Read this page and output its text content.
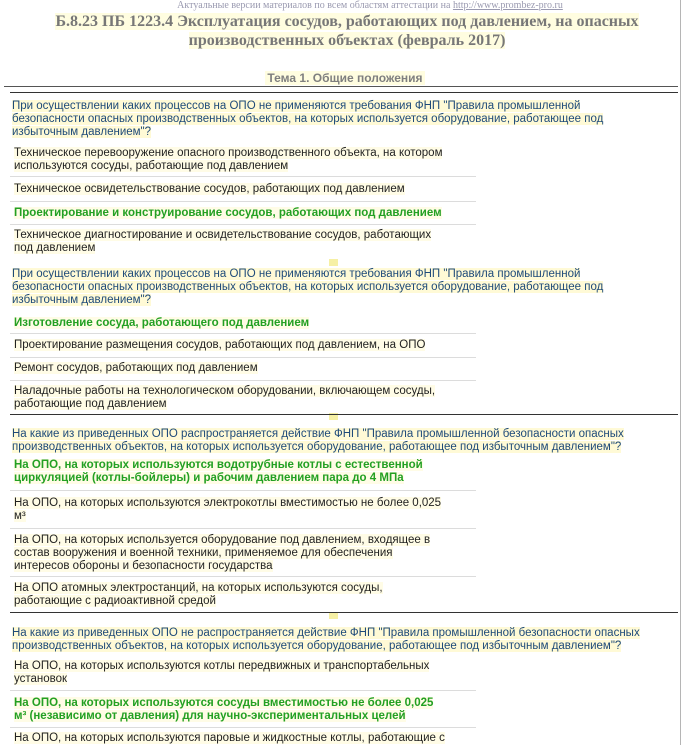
Актуальные версии материалов по всем областям аттестации на http://www.prombez-pro.ru
Б.8.23 ПБ 1223.4 Эксплуатация сосудов, работающих под давлением, на опасных
производственных объектах (февраль 2017)
Тема 1. Общие положения
При осуществлении каких процессов на ОПО не применяются требования ФНП "Правила промышленной
безопасности опасных производственных объектов, на которых используется оборудование, работающее под
избыточным давлением"?
Техническое перевооружение опасного производственного объекта, на котором
используются сосуды, работающие под давлением
Техническое освидетельствование сосудов, работающих под давлением
Проектирование и конструирование сосудов, работающих под давлением
Техническое диагностирование и освидетельствование сосудов, работающих
под давлением
При осуществлении каких процессов на ОПО не применяются требования ФНП "Правила промышленной
безопасности опасных производственных объектов, на которых используется оборудование, работающее под
избыточным давлением"?
Изготовление сосуда, работающего под давлением
Проектирование размещения сосудов, работающих под давлением, на ОПО
Ремонт сосудов, работающих под давлением
Наладочные работы на технологическом оборудовании, включающем сосуды,
работающие под давлением
На какие из приведенных ОПО распространяется действие ФНП "Правила промышленной безопасности опасных
производственных объектов, на которых используется оборудование, работающее под избыточным давлением"?
На ОПО, на которых используются водотрубные котлы с естественной
циркуляцией (котлы-бойлеры) и рабочим давлением пара до 4 МПа
На ОПО, на которых используются электрокотлы вместимостью не более 0,025
м³
На ОПО, на которых используется оборудование под давлением, входящее в
состав вооружения и военной техники, применяемое для обеспечения
интересов обороны и безопасности государства
На ОПО атомных электростанций, на которых используются сосуды,
работающие с радиоактивной средой
На какие из приведенных ОПО не распространяется действие ФНП "Правила промышленной безопасности опасных
производственных объектов, на которых используется оборудование, работающее под избыточным давлением"?
На ОПО, на которых используются котлы передвижных и транспортабельных
установок
На ОПО, на которых используются сосуды вместимостью не более 0,025
м³ (независимо от давления) для научно-экспериментальных целей
На ОПО, на которых используются паровые и жидкостные котлы, работающие с
